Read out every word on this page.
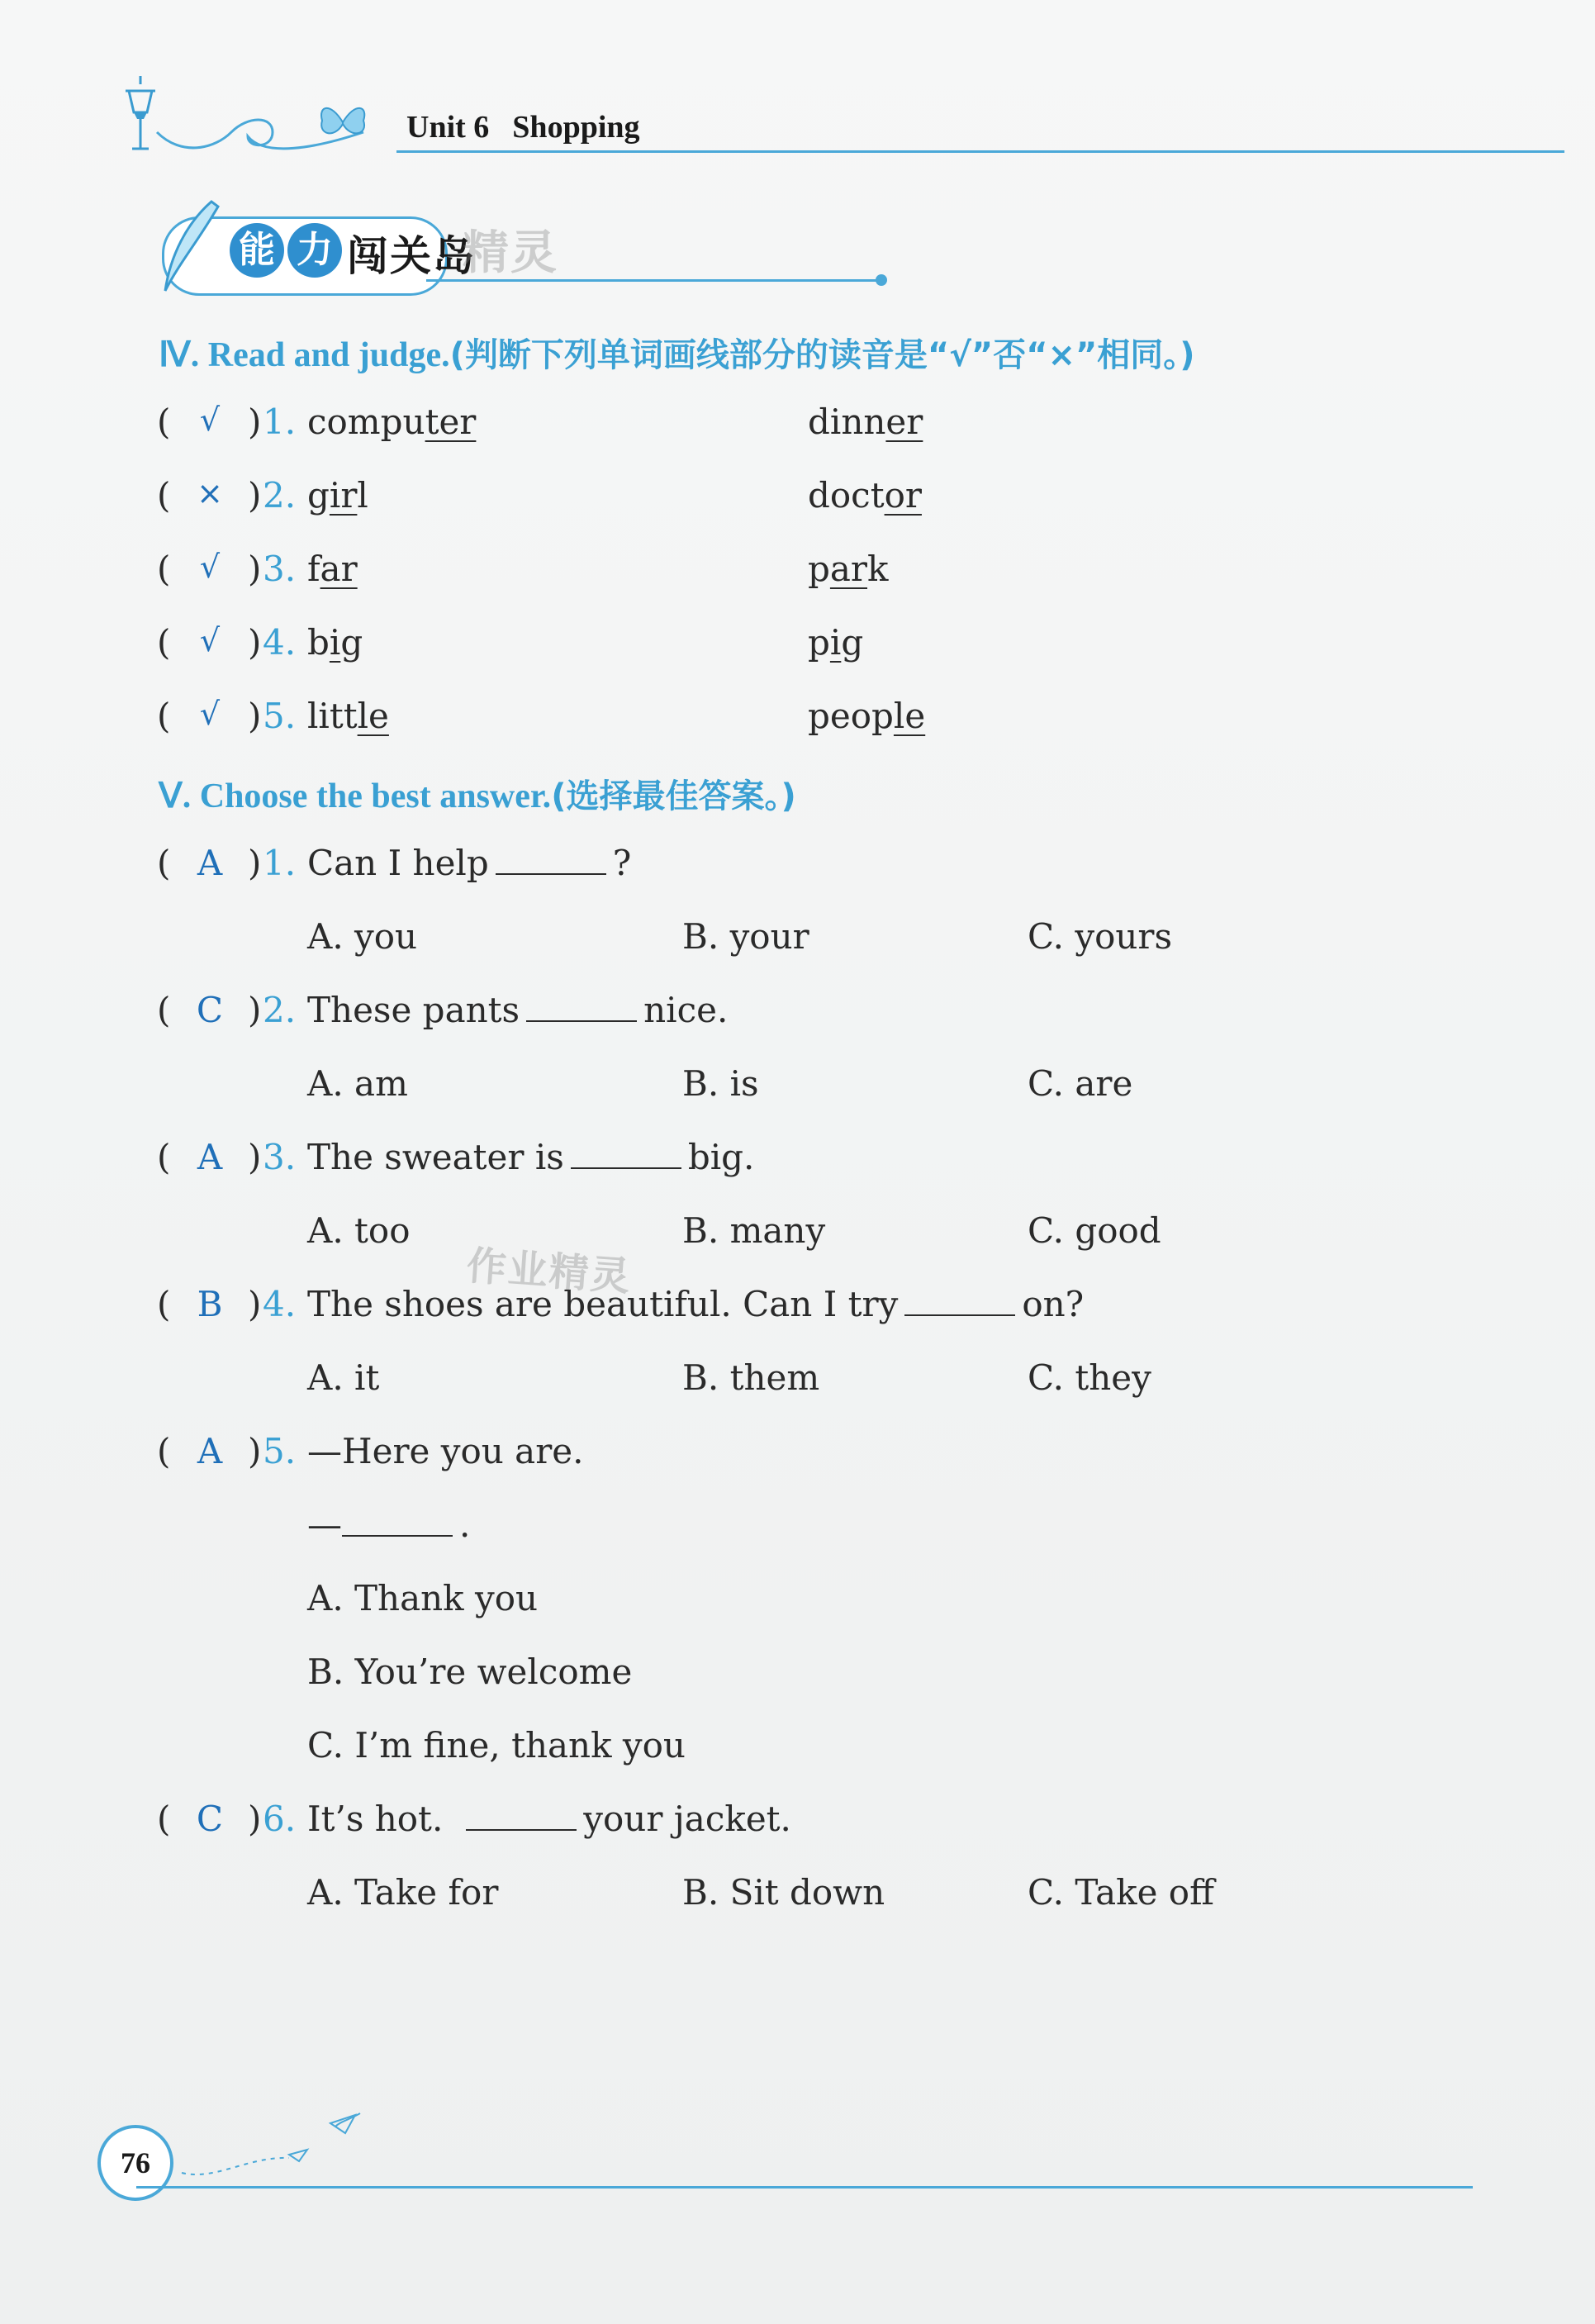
Unit 6 Shopping
能 力 闯关岛
精灵
作业精灵
Ⅳ. Read and judge.(判断下列单词画线部分的读音是“√”否“×”相同。)
( √ ) 1. computer	dinner
( × ) 2. girl	doctor
( √ ) 3. far	park
( √ ) 4. big	pig
( √ ) 5. little	people
Ⅴ. Choose the best answer.(选择最佳答案。)
( A ) 1. Can I help	?
A. you	B. your	C. yours
( C ) 2. These pants	nice.
A. am	B. is	C. are
( A ) 3. The sweater is	big.
A. too	B. many	C. good
( B ) 4. The shoes are beautiful. Can I try	on?
A. it	B. them	C. they
( A ) 5. —Here you are.
—	.
A. Thank you
B. You’re welcome
C. I’m fine, thank you
( C ) 6. It’s hot.	your jacket.
A. Take for	B. Sit down	C. Take off
76
